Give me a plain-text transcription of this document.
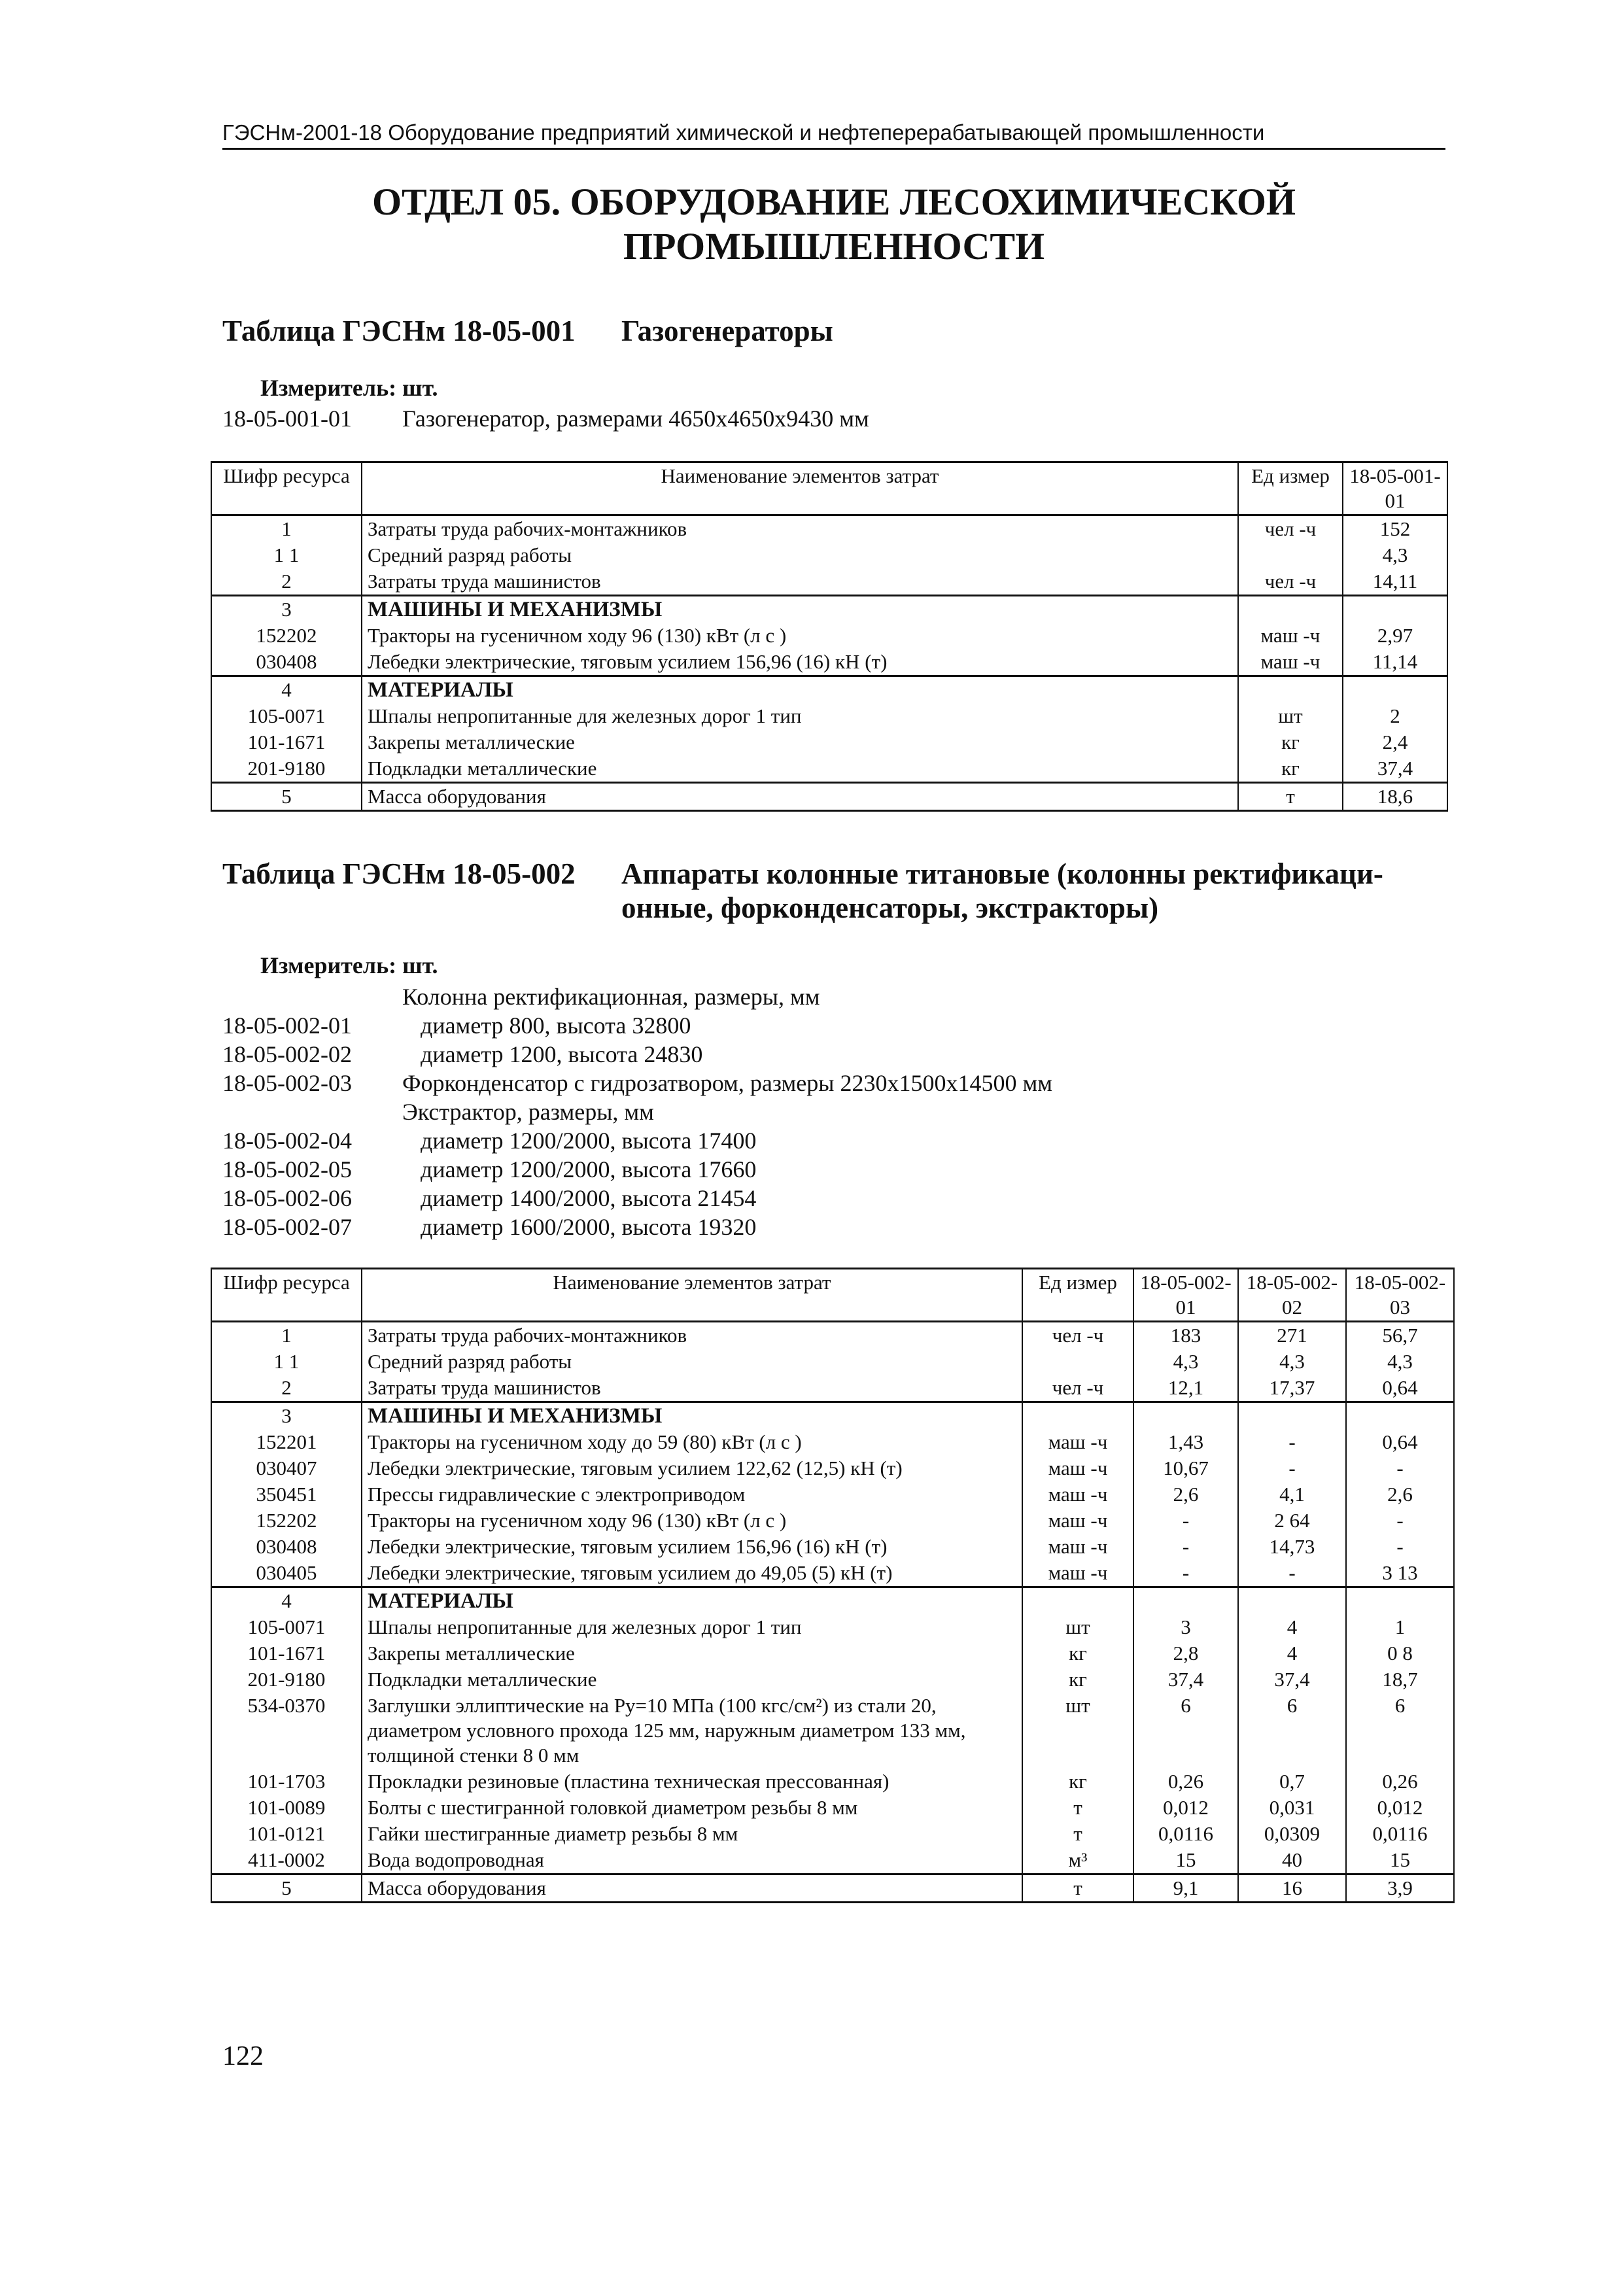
ГЭСНм-2001-18 Оборудование предприятий химической и нефтеперерабатывающей промышленности
ОТДЕЛ 05. ОБОРУДОВАНИЕ ЛЕСОХИМИЧЕСКОЙ
ПРОМЫШЛЕННОСТИ
Таблица ГЭСНм 18-05-001 Газогенераторы
Измеритель: шт.
18-05-001-01 Газогенератор, размерами 4650х4650х9430 мм
Шифр ресурса	Наименование элементов затрат	Ед измер	18-05-001-01
1	Затраты труда рабочих-монтажников	чел -ч	152
1 1	Средний разряд работы		4,3
2	Затраты труда машинистов	чел -ч	14,11
3	МАШИНЫ И МЕХАНИЗМЫ		
152202	Тракторы на гусеничном ходу 96 (130) кВт (л с )	маш -ч	2,97
030408	Лебедки электрические, тяговым усилием 156,96 (16) кН (т)	маш -ч	11,14
4	МАТЕРИАЛЫ		
105-0071	Шпалы непропитанные для железных дорог 1 тип	шт	2
101-1671	Закрепы металлические	кг	2,4
201-9180	Подкладки металлические	кг	37,4
5	Масса оборудования	т	18,6
Таблица ГЭСНм 18-05-002 Аппараты колонные титановые (колонны ректификаци-онные, форконденсаторы, экстракторы)
Измеритель: шт.
Колонна ректификационная, размеры, мм
18-05-002-01	диаметр 800, высота 32800
18-05-002-02	диаметр 1200, высота 24830
18-05-002-03 Форконденсатор с гидрозатвором, размеры 2230х1500х14500 мм
Экстрактор, размеры, мм
18-05-002-04	диаметр 1200/2000, высота 17400
18-05-002-05	диаметр 1200/2000, высота 17660
18-05-002-06	диаметр 1400/2000, высота 21454
18-05-002-07	диаметр 1600/2000, высота 19320
Шифр ресурса	Наименование элементов затрат	Ед измер	18-05-002-01	18-05-002-02	18-05-002-03
1	Затраты труда рабочих-монтажников	чел -ч	183	271	56,7
1 1	Средний разряд работы		4,3	4,3	4,3
2	Затраты труда машинистов	чел -ч	12,1	17,37	0,64
3	МАШИНЫ И МЕХАНИЗМЫ				
152201	Тракторы на гусеничном ходу до 59 (80) кВт (л с )	маш -ч	1,43	-	0,64
030407	Лебедки электрические, тяговым усилием 122,62 (12,5) кН (т)	маш -ч	10,67	-	-
350451	Прессы гидравлические с электроприводом	маш -ч	2,6	4,1	2,6
152202	Тракторы на гусеничном ходу 96 (130) кВт (л с )	маш -ч	-	2 64	-
030408	Лебедки электрические, тяговым усилием 156,96 (16) кН (т)	маш -ч	-	14,73	-
030405	Лебедки электрические, тяговым усилием до 49,05 (5) кН (т)	маш -ч	-	-	3 13
4	МАТЕРИАЛЫ				
105-0071	Шпалы непропитанные для железных дорог 1 тип	шт	3	4	1
101-1671	Закрепы металлические	кг	2,8	4	0 8
201-9180	Подкладки металлические	кг	37,4	37,4	18,7
534-0370	Заглушки эллиптические на Ру=10 МПа (100 кгс/см²) из стали 20, диаметром условного прохода 125 мм, наружным диаметром 133 мм, толщиной стенки 8 0 мм	шт	6	6	6
101-1703	Прокладки резиновые (пластина техническая прессованная)	кг	0,26	0,7	0,26
101-0089	Болты с шестигранной головкой диаметром резьбы 8 мм	т	0,012	0,031	0,012
101-0121	Гайки шестигранные диаметр резьбы 8 мм	т	0,0116	0,0309	0,0116
411-0002	Вода водопроводная	м³	15	40	15
5	Масса оборудования	т	9,1	16	3,9
122
